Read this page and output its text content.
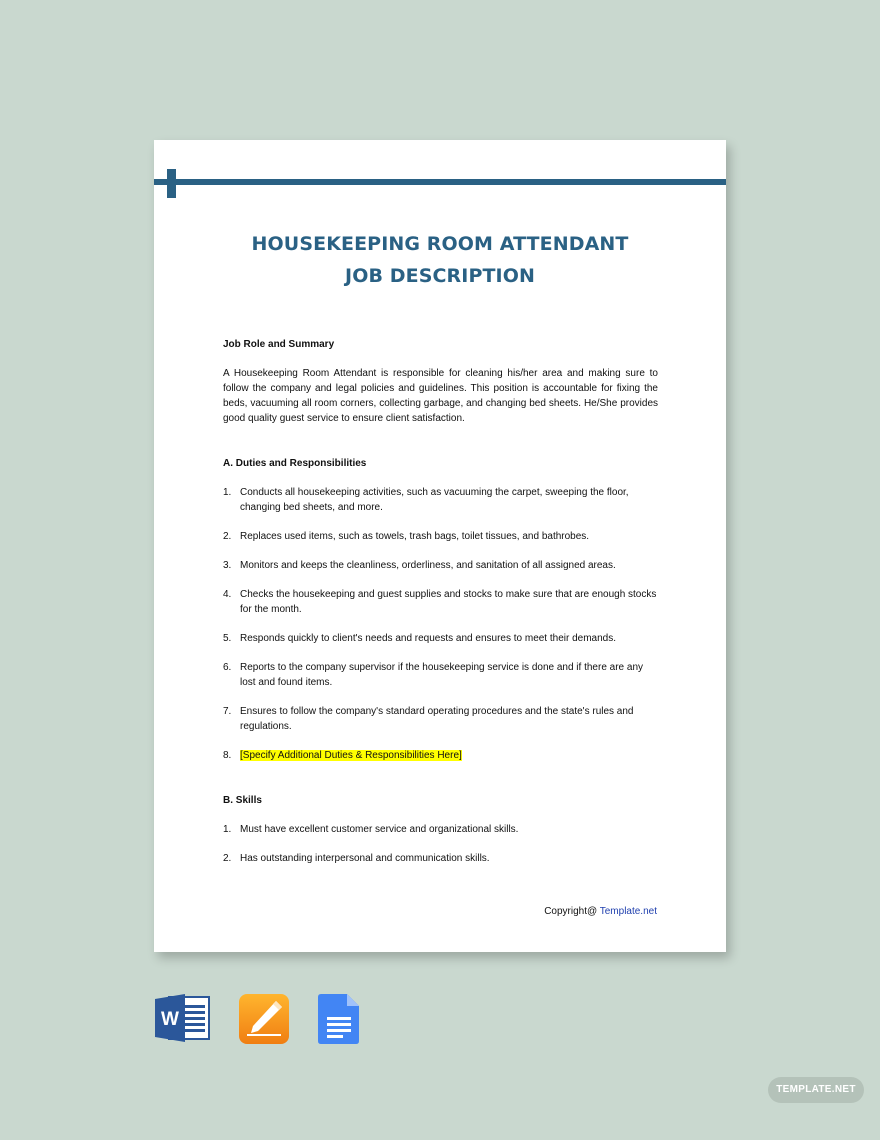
HOUSEKEEPING ROOM ATTENDANT
JOB DESCRIPTION

Job Role and Summary

A Housekeeping Room Attendant is responsible for cleaning his/her area and making sure to follow the company and legal policies and guidelines. This position is accountable for fixing the beds, vacuuming all room corners, collecting garbage, and changing bed sheets. He/She provides good quality guest service to ensure client satisfaction.

A. Duties and Responsibilities

1. Conducts all housekeeping activities, such as vacuuming the carpet, sweeping the floor, changing bed sheets, and more.
2. Replaces used items, such as towels, trash bags, toilet tissues, and bathrobes.
3. Monitors and keeps the cleanliness, orderliness, and sanitation of all assigned areas.
4. Checks the housekeeping and guest supplies and stocks to make sure that are enough stocks for the month.
5. Responds quickly to client's needs and requests and ensures to meet their demands.
6. Reports to the company supervisor if the housekeeping service is done and if there are any lost and found items.
7. Ensures to follow the company's standard operating procedures and the state's rules and regulations.
8. [Specify Additional Duties & Responsibilities Here]

B. Skills

1. Must have excellent customer service and organizational skills.
2. Has outstanding interpersonal and communication skills.
Copyright@ Template.net
W
TEMPLATE.NET
